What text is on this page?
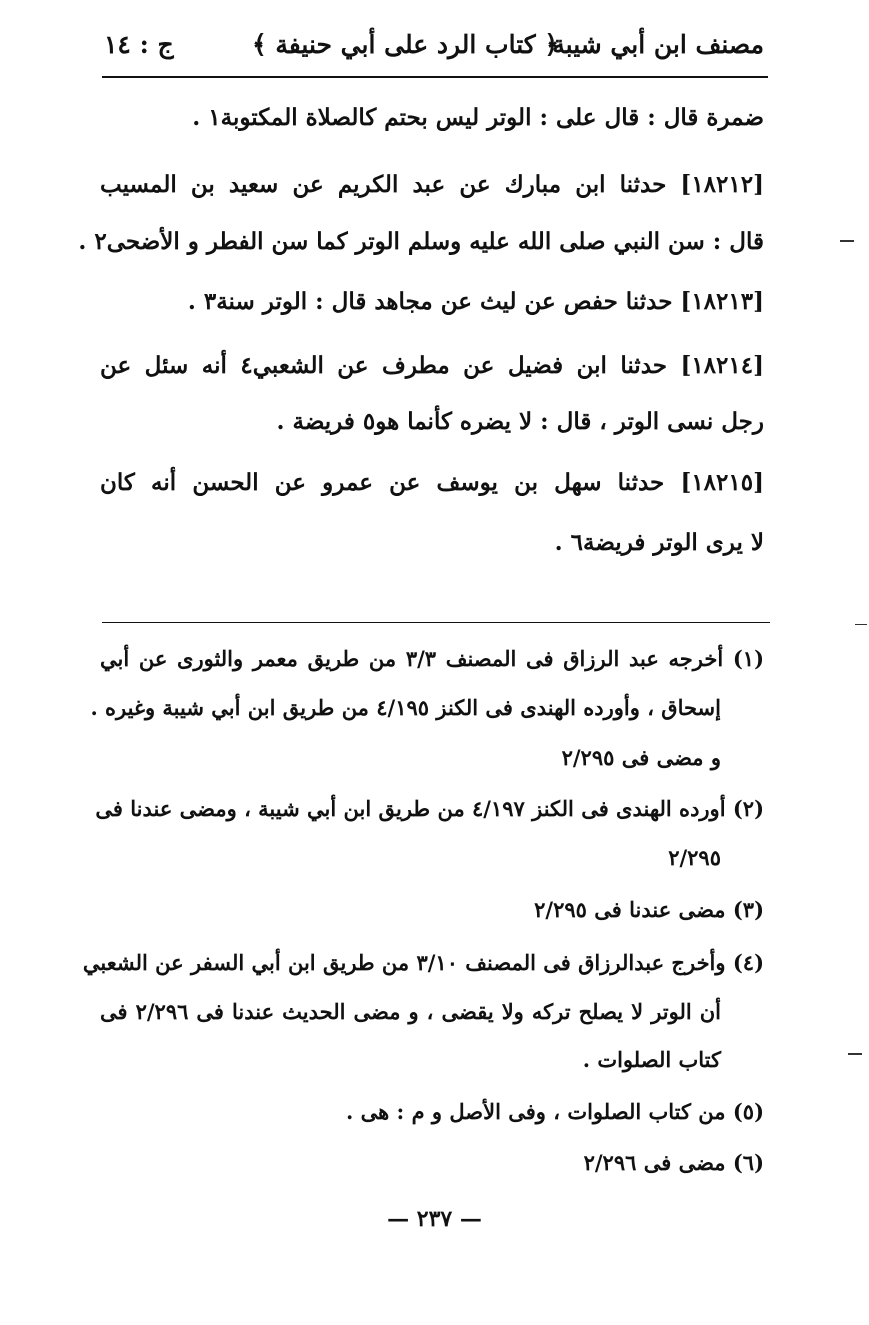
مصنف ابن أبي شيبة
﴿ كتاب الرد على أبي حنيفة ﴾
ج : ١٤
ضمرة قال : قال على : الوتر ليس بحتم كالصلاة المكتوبة١ .
[١٨٢١٢] حدثنا ابن مبارك عن عبد الكريم عن سعيد بن المسيب
قال : سن النبي صلى الله عليه وسلم الوتر كما سن الفطر و الأضحى٢ .
[١٨٢١٣] حدثنا حفص عن ليث عن مجاهد قال : الوتر سنة٣ .
[١٨٢١٤] حدثنا ابن فضيل عن مطرف عن الشعبي٤ أنه سئل عن
رجل نسى الوتر ، قال : لا يضره كأنما هو٥ فريضة .
[١٨٢١٥] حدثنا سهل بن يوسف عن عمرو عن الحسن أنه كان
لا يرى الوتر فريضة٦ .
(١) أخرجه عبد الرزاق فى المصنف ٣/٣ من طريق معمر والثورى عن أبي
إسحاق ، وأورده الهندى فى الكنز ٤/١٩٥ من طريق ابن أبي شيبة وغيره .
و مضى فى ٢/٢٩٥
(٢) أورده الهندى فى الكنز ٤/١٩٧ من طريق ابن أبي شيبة ، ومضى عندنا فى
٢/٢٩٥
(٣) مضى عندنا فى ٢/٢٩٥
(٤) وأخرج عبدالرزاق فى المصنف ٣/١٠ من طريق ابن أبي السفر عن الشعبي
أن الوتر لا يصلح تركه ولا يقضى ، و مضى الحديث عندنا فى ٢/٢٩٦ فى
كتاب الصلوات .
(٥) من كتاب الصلوات ، وفى الأصل و م : هى .
(٦) مضى فى ٢/٢٩٦
— ٢٣٧ —
